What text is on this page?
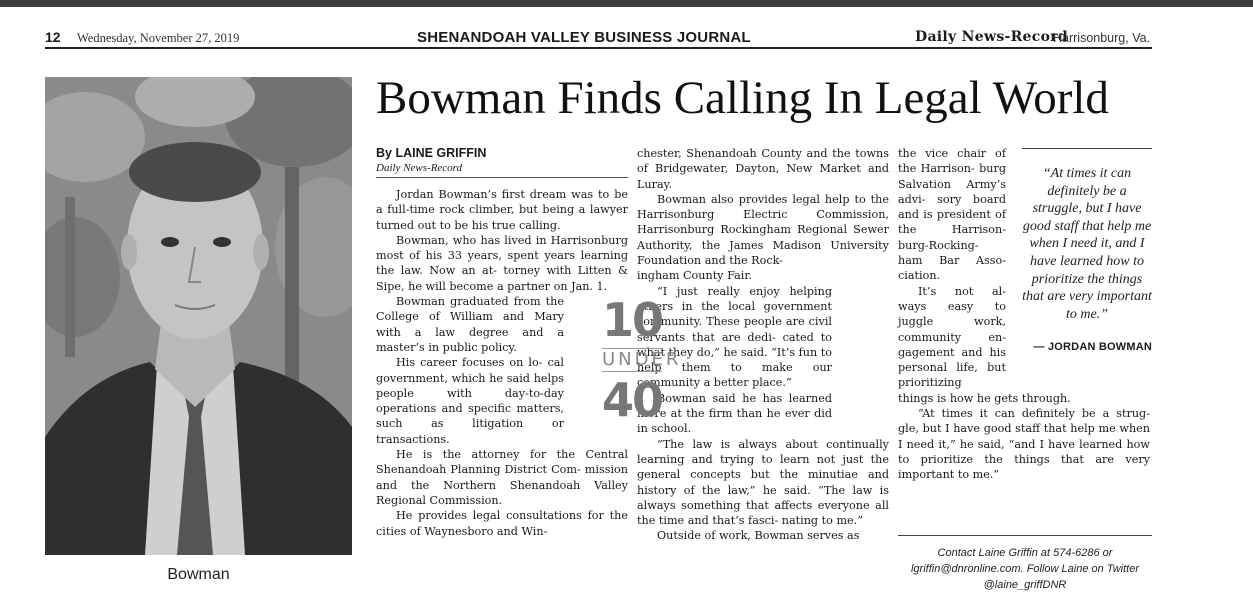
12 Wednesday, November 27, 2019	SHENANDOAH VALLEY BUSINESS JOURNAL	Daily News-Record
Harrisonburg, Va.
Bowman
Bowman Finds Calling In Legal World
By LAINE GRIFFIN
Daily News-Record

Jordan Bowman’s first dream was to be a full-time rock climber, but being a lawyer turned out to be his true calling.

Bowman, who has lived in Harrisonburg most of his 33 years, spent years learning the law. Now an at- torney with Litten & Sipe, he will become a partner on Jan. 1.

Bowman graduated from the College of William and Mary with a law degree and a master’s in public policy.

His career focuses on lo- cal government, which he said helps people with day-to-day operations and specific matters, such as litigation or transactions.

He is the attorney for the Central Shenandoah Planning District Com- mission and the Northern Shenandoah Valley Regional Commission.

He provides legal consultations for the cities of Waynesboro and Win-

chester, Shenandoah County and the towns of Bridgewater, Dayton, New Market and Luray.

Bowman also provides legal help to the Harrisonburg Electric Commission, Harrisonburg Rockingham Regional Sewer Authority, the James Madison University Foundation and the Rock-

ingham County Fair.

“I just really enjoy helping others in the local government community. These people are civil servants that are dedi- cated to what they do,” he said. “It’s fun to help them to make our community a better place.”

Bowman said he has learned more at the firm than he ever did in school.

“The law is always about continually learning and trying to learn not just the general concepts but the minutiae and history of the law,” he said. “The law is always something that affects everyone all the time and that’s fasci- nating to me.”

Outside of work, Bowman serves as

10
UNDER
40

the vice chair of the Harrison- burg Salvation Army’s advi- sory board and is president of the Harrison- burg-Rocking- ham Bar Asso- ciation.

It’s not al- ways easy to juggle work, community en- gagement and his personal life, but prioritizing

things is how he gets through.

“At times it can definitely be a strug- gle, but I have good staff that help me when I need it,” he said, “and I have learned how to prioritize the things that are very important to me.”

“At times it can definitely be a struggle, but I have good staff that help me when I need it, and I have learned how to prioritize the things that are very important to me.”
— JORDAN BOWMAN
Contact Laine Griffin at 574-6286 or lgriffin@dnronline.com. Follow Laine on Twitter @laine_griffDNR
